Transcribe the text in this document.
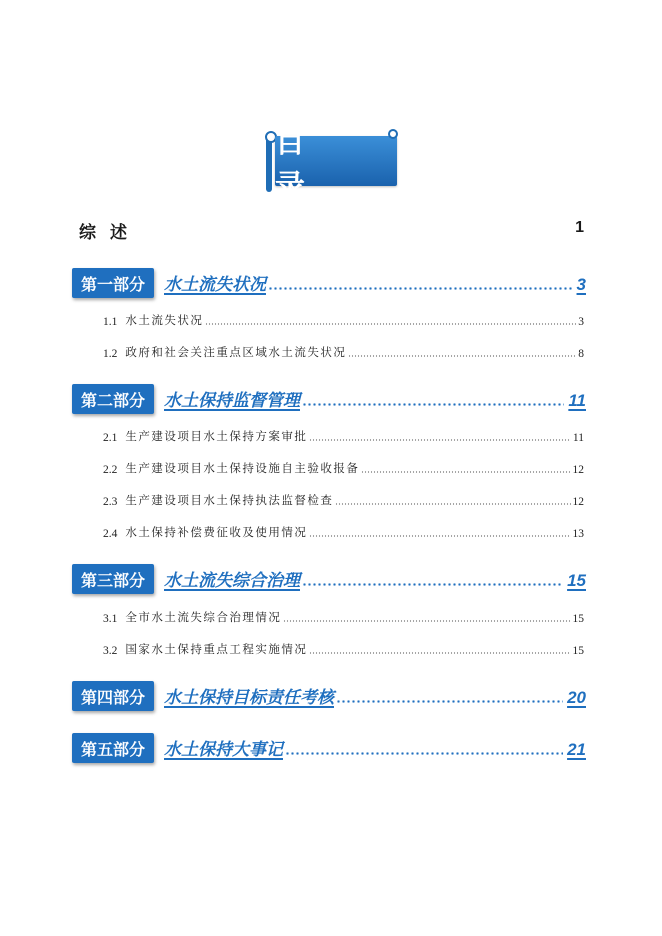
目 录
综述	1
第一部分	水土流失状况	3
1.1 水土流失状况	3
1.2 政府和社会关注重点区域水土流失状况	8
第二部分	水土保持监督管理	11
2.1 生产建设项目水土保持方案审批	11
2.2 生产建设项目水土保持设施自主验收报备	12
2.3 生产建设项目水土保持执法监督检查	12
2.4 水土保持补偿费征收及使用情况	13
第三部分	水土流失综合治理	15
3.1 全市水土流失综合治理情况	15
3.2 国家水土保持重点工程实施情况	15
第四部分	水土保持目标责任考核	20
第五部分	水土保持大事记	21
